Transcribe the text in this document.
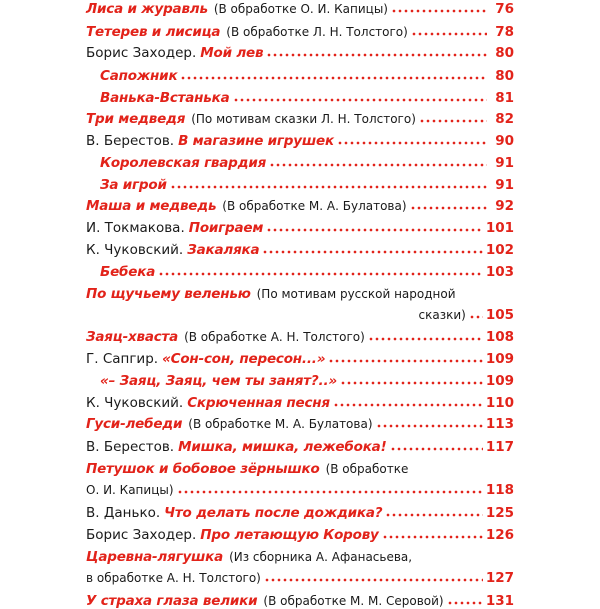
Лиса и журавль (В обработке О. И. Капицы)	76
Тетерев и лисица (В обработке Л. Н. Толстого)	78
Борис Заходер. Мой лев	80
Сапожник	80
Ванька-Встанька	81
Три медведя (По мотивам сказки Л. Н. Толстого)	82
В. Берестов. В магазине игрушек	90
Королевская гвардия	91
За игрой	91
Маша и медведь (В обработке М. А. Булатова)	92
И. Токмакова. Поиграем	101
К. Чуковский. Закаляка	102
Бебека	103
По щучьему веленью (По мотивам русской народной
сказки) 105
Заяц-хваста (В обработке А. Н. Толстого)	108
Г. Сапгир. «Сон-сон, пересон...»	109
«– Заяц, Заяц, чем ты занят?..»	109
К. Чуковский. Скрюченная песня	110
Гуси-лебеди (В обработке М. А. Булатова)	113
В. Берестов. Мишка, мишка, лежебока!	117
Петушок и бобовое зёрнышко (В обработке
О. И. Капицы)	118
В. Данько. Что делать после дождика?	125
Борис Заходер. Про летающую Корову	126
Царевна-лягушка (Из сборника А. Афанасьева,
в обработке А. Н. Толстого)	127
У страха глаза велики (В обработке М. М. Серовой)	131
